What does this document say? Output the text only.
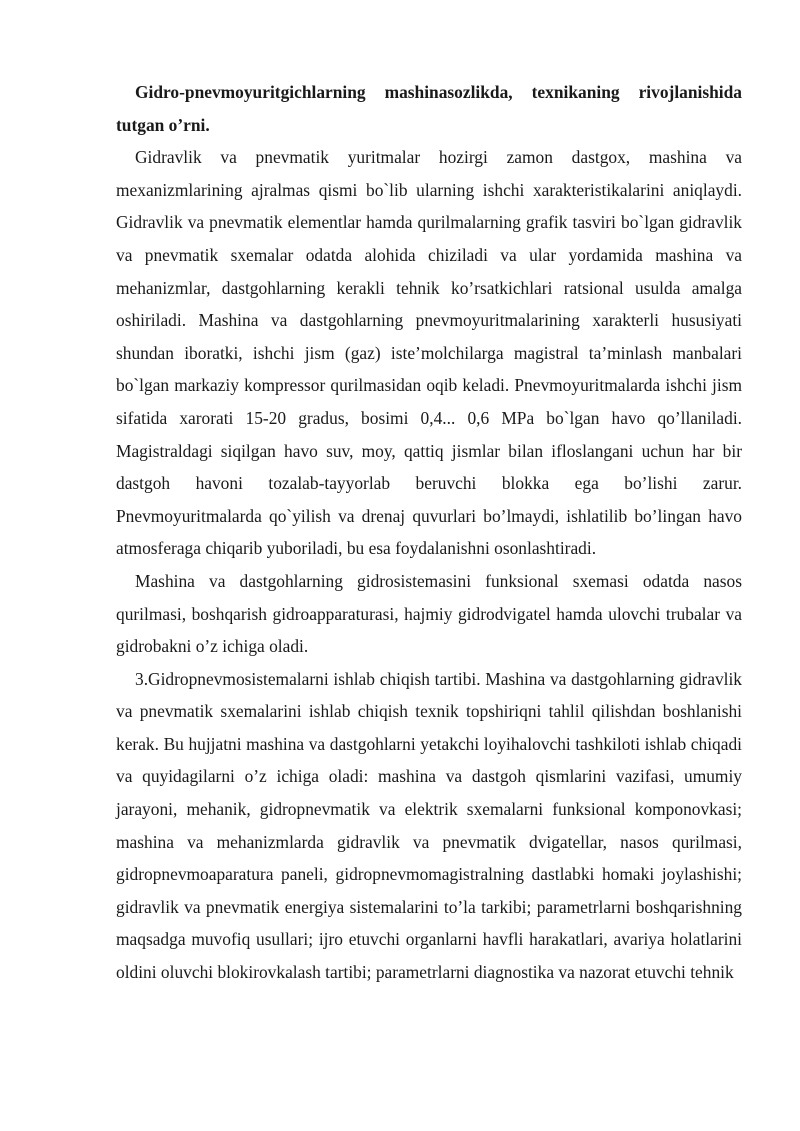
Gidro-pnevmoyuritgichlarning mashinasozlikda, texnikaning rivojlanishida tutgan o’rni.

Gidravlik va pnevmatik yuritmalar hozirgi zamon dastgox, mashina va mexanizmlarining ajralmas qismi bo`lib ularning ishchi xarakteristikalarini aniqlaydi. Gidravlik va pnevmatik elementlar hamda qurilmalarning grafik tasviri bo`lgan gidravlik va pnevmatik sxemalar odatda alohida chiziladi va ular yordamida mashina va mehanizmlar, dastgohlarning kerakli tehnik ko’rsatkichlari ratsional usulda amalga oshiriladi. Mashina va dastgohlarning pnevmoyuritmalarining xarakterli hususiyati shundan iboratki, ishchi jism (gaz) iste’molchilarga magistral ta’minlash manbalari bo`lgan markaziy kompressor qurilmasidan oqib keladi. Pnevmoyuritmalarda ishchi jism sifatida xarorati 15-20 gradus, bosimi 0,4... 0,6 MPa bo`lgan havo qo’llaniladi. Magistraldagi siqilgan havo suv, moy, qattiq jismlar bilan ifloslangani uchun har bir dastgoh havoni tozalab-tayyorlab beruvchi blokka ega bo’lishi zarur. Pnevmoyuritmalarda qo`yilish va drenaj quvurlari bo’lmaydi, ishlatilib bo’lingan havo atmosferaga chiqarib yuboriladi, bu esa foydalanishni osonlashtiradi.

Mashina va dastgohlarning gidrosistemasini funksional sxemasi odatda nasos qurilmasi, boshqarish gidroapparaturasi, hajmiy gidrodvigatel hamda ulovchi trubalar va gidrobakni o’z ichiga oladi.

3.Gidropnevmosistemalarni ishlab chiqish tartibi. Mashina va dastgohlarning gidravlik va pnevmatik sxemalarini ishlab chiqish texnik topshiriqni tahlil qilishdan boshlanishi kerak. Bu hujjatni mashina va dastgohlarni yetakchi loyihalovchi tashkiloti ishlab chiqadi va quyidagilarni o’z ichiga oladi: mashina va dastgoh qismlarini vazifasi, umumiy jarayoni, mehanik, gidropnevmatik va elektrik sxemalarni funksional komponovkasi; mashina va mehanizmlarda gidravlik va pnevmatik dvigatellar, nasos qurilmasi, gidropnevmoaparatura paneli, gidropnevmomagistralning dastlabki homaki joylashishi; gidravlik va pnevmatik energiya sistemalarini to’la tarkibi; parametrlarni boshqarishning maqsadga muvofiq usullari; ijro etuvchi organlarni havfli harakatlari, avariya holatlarini oldini oluvchi blokirovkalash tartibi; parametrlarni diagnostika va nazorat etuvchi tehnik
